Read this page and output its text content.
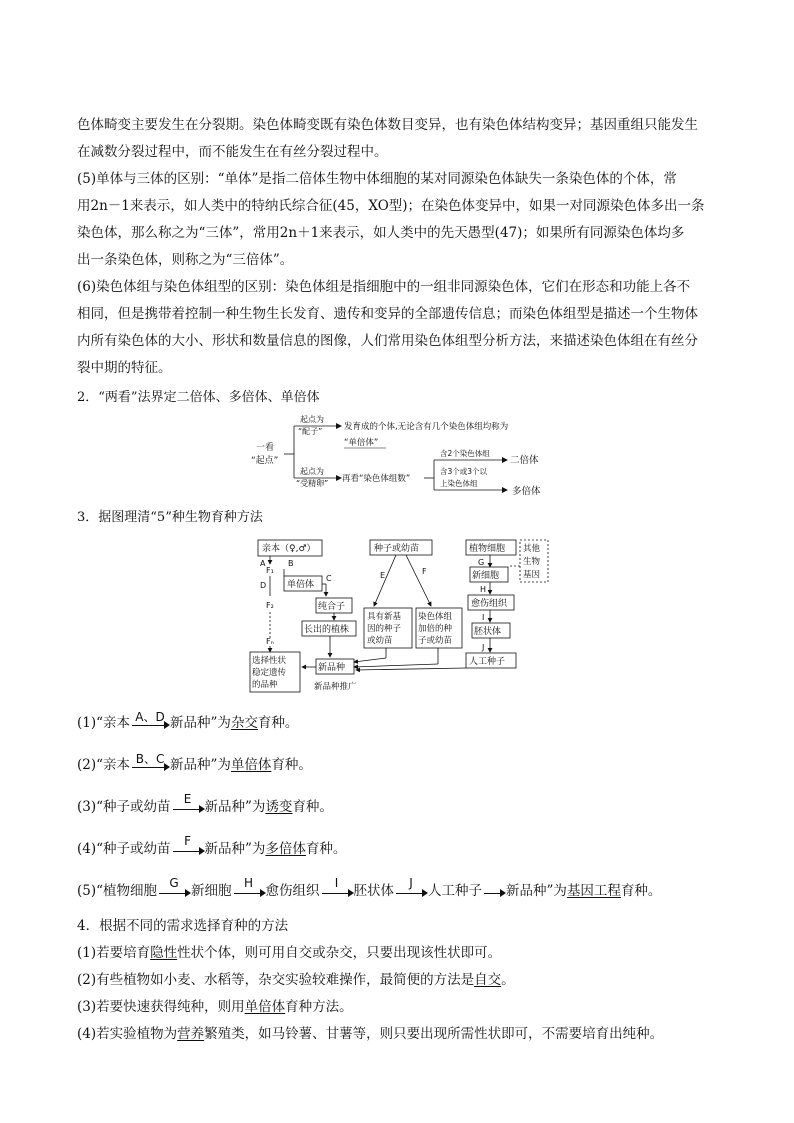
色体畸变主要发生在分裂期。染色体畸变既有染色体数目变异，也有染色体结构变异；基因重组只能发生
在减数分裂过程中，而不能发生在有丝分裂过程中。
(5)单体与三体的区别：“单体”是指二倍体生物中体细胞的某对同源染色体缺失一条染色体的个体，常
用2n－1来表示，如人类中的特纳氏综合征(45，XO型)；在染色体变异中，如果一对同源染色体多出一条
染色体，那么称之为“三体”，常用2n＋1来表示，如人类中的先天愚型(47)；如果所有同源染色体均多
出一条染色体，则称之为“三倍体”。
(6)染色体组与染色体组型的区别：染色体组是指细胞中的一组非同源染色体，它们在形态和功能上各不
相同，但是携带着控制一种生物生长发育、遗传和变异的全部遗传信息；而染色体组型是描述一个生物体
内所有染色体的大小、形状和数量信息的图像，人们常用染色体组型分析方法，来描述染色体组在有丝分
裂中期的特征。
2．“两看”法界定二倍体、多倍体、单倍体
一看
“起点”
起点为
“配子”	发育成的个体,无论含有几个染色体组均称为
“单倍体”
起点为
“受精卵” 再看“染色体组数”
含2个染色体组
二倍体
含3个或3个以
上染色体组
多倍体
3．据图理清“5”种生物育种方法
亲本（♀,♂）
A	B
F₁
单倍体
C
纯合子
长出的植株
D
F₂
Fₙ
选择性状
稳定遗传
的品种
新品种
新品种推广
种子或幼苗
E	F
具有新基
因的种子
或幼苗
染色体组
加倍的种
子或幼苗
植物细胞 其他
生物
基因
G
新细胞
H
愈伤组织
I
胚状体
J
人工种子
(1)“亲本 A、D 新品种”为杂交育种。
(2)“亲本 B、C 新品种”为单倍体育种。
(3)“种子或幼苗	E 新品种”为诱变育种。
(4)“种子或幼苗	F	新品种”为多倍体育种。
(5)“植物细胞	G 新细胞	H 愈伤组织	I	胚状体	J	人工种子 新品种”为基因工程育种。
4．根据不同的需求选择育种的方法
(1)若要培育隐性性状个体，则可用自交或杂交，只要出现该性状即可。
(2)有些植物如小麦、水稻等，杂交实验较难操作，最简便的方法是自交。
(3)若要快速获得纯种，则用单倍体育种方法。
(4)若实验植物为营养繁殖类，如马铃薯、甘薯等，则只要出现所需性状即可，不需要培育出纯种。
